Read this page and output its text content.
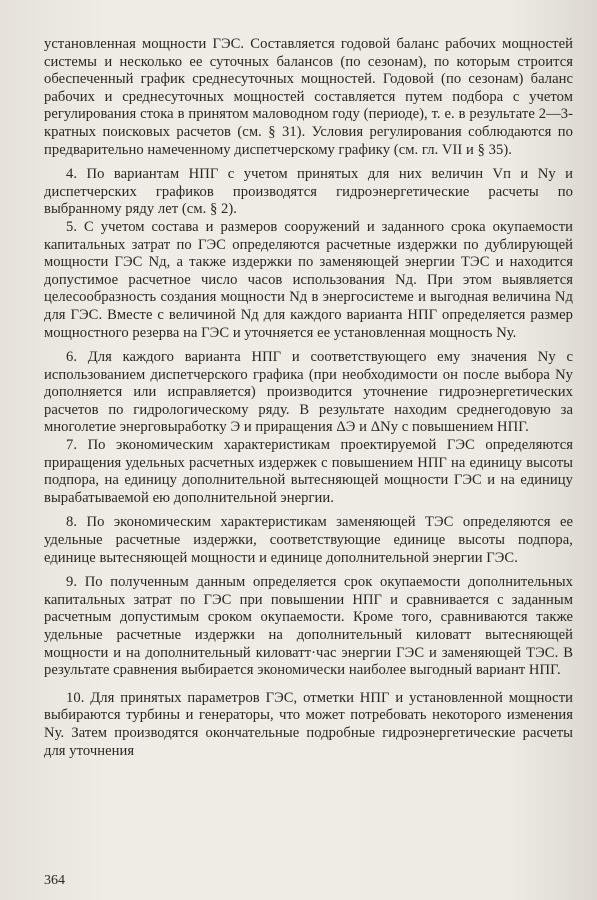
установленная мощности ГЭС. Составляется годовой баланс рабочих мощностей системы и несколько ее суточных балансов (по сезонам), по которым строится обеспеченный график среднесуточных мощностей. Годовой (по сезонам) баланс рабочих и среднесуточных мощностей составляется путем подбора с учетом регулирования стока в принятом маловодном году (периоде), т. е. в результате 2—3-кратных поисковых расчетов (см. § 31). Условия регулирования соблюдаются по предварительно намеченному диспетчерскому графику (см. гл. VII и § 35).

4. По вариантам НПГ с учетом принятых для них величин Vп и Nу и диспетчерских графиков производятся гидроэнергетические расчеты по выбранному ряду лет (см. § 2).

5. С учетом состава и размеров сооружений и заданного срока окупаемости капитальных затрат по ГЭС определяются расчетные издержки по дублирующей мощности ГЭС Nд, а также издержки по заменяющей энергии ТЭС и находится допустимое расчетное число часов использования Nд. При этом выявляется целесообразность создания мощности Nд в энергосистеме и выгодная величина Nд для ГЭС. Вместе с величиной Nд для каждого варианта НПГ определяется размер мощностного резерва на ГЭС и уточняется ее установленная мощность Nу.

6. Для каждого варианта НПГ и соответствующего ему значения Nу с использованием диспетчерского графика (при необходимости он после выбора Nу дополняется или исправляется) производится уточнение гидроэнергетических расчетов по гидрологическому ряду. В результате находим среднегодовую за многолетие энерговыработку Э и приращения ΔЭ и ΔNу с повышением НПГ.

7. По экономическим характеристикам проектируемой ГЭС определяются приращения удельных расчетных издержек с повышением НПГ на единицу высоты подпора, на единицу дополнительной вытесняющей мощности ГЭС и на единицу вырабатываемой ею дополнительной энергии.

8. По экономическим характеристикам заменяющей ТЭС определяются ее удельные расчетные издержки, соответствующие единице высоты подпора, единице вытесняющей мощности и единице дополнительной энергии ГЭС.

9. По полученным данным определяется срок окупаемости дополнительных капитальных затрат по ГЭС при повышении НПГ и сравнивается с заданным расчетным допустимым сроком окупаемости. Кроме того, сравниваются также удельные расчетные издержки на дополнительный киловатт вытесняющей мощности и на дополнительный киловатт·час энергии ГЭС и заменяющей ТЭС. В результате сравнения выбирается экономически наиболее выгодный вариант НПГ.

10. Для принятых параметров ГЭС, отметки НПГ и установленной мощности выбираются турбины и генераторы, что может потребовать некоторого изменения Nу. Затем производятся окончательные подробные гидроэнергетические расчеты для уточнения

364
